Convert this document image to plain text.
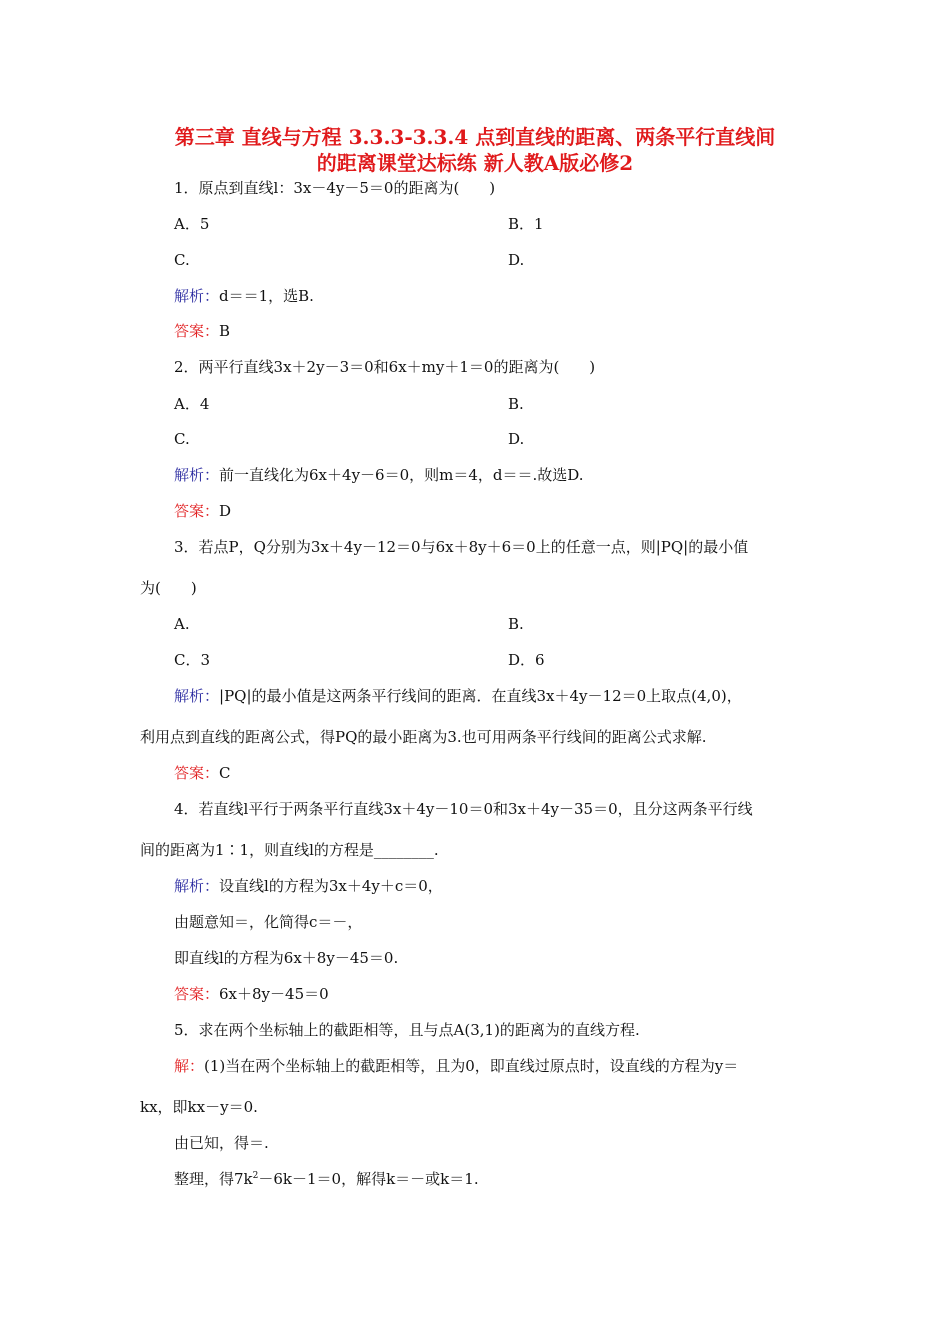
第三章 直线与方程 3.3.3-3.3.4 点到直线的距离、两条平行直线间
的距离课堂达标练 新人教A版必修2
1．原点到直线l：3x－4y－5＝0的距离为(　　)
A．5	B．1
C.	D.
解析：d＝＝1，选B.
答案：B
2．两平行直线3x＋2y－3＝0和6x＋my＋1＝0的距离为(　　)
A．4	B.
C.	D.
解析：前一直线化为6x＋4y－6＝0，则m＝4，d＝＝.故选D.
答案：D
3．若点P，Q分别为3x＋4y－12＝0与6x＋8y＋6＝0上的任意一点，则|PQ|的最小值
为(　　)
A.	B.
C．3	D．6
解析：|PQ|的最小值是这两条平行线间的距离．在直线3x＋4y－12＝0上取点(4,0)，
利用点到直线的距离公式，得PQ的最小距离为3.也可用两条平行线间的距离公式求解.
答案：C
4．若直线l平行于两条平行直线3x＋4y－10＝0和3x＋4y－35＝0，且分这两条平行线
间的距离为1∶1，则直线l的方程是________.
解析：设直线l的方程为3x＋4y＋c＝0，
由题意知＝，化简得c＝－，
即直线l的方程为6x＋8y－45＝0.
答案：6x＋8y－45＝0
5．求在两个坐标轴上的截距相等，且与点A(3,1)的距离为的直线方程.
解：(1)当在两个坐标轴上的截距相等，且为0，即直线过原点时，设直线的方程为y＝
kx，即kx－y＝0.
由已知，得＝.
整理，得$7k^2-6k-1=0$，解得k＝－或k＝1.
